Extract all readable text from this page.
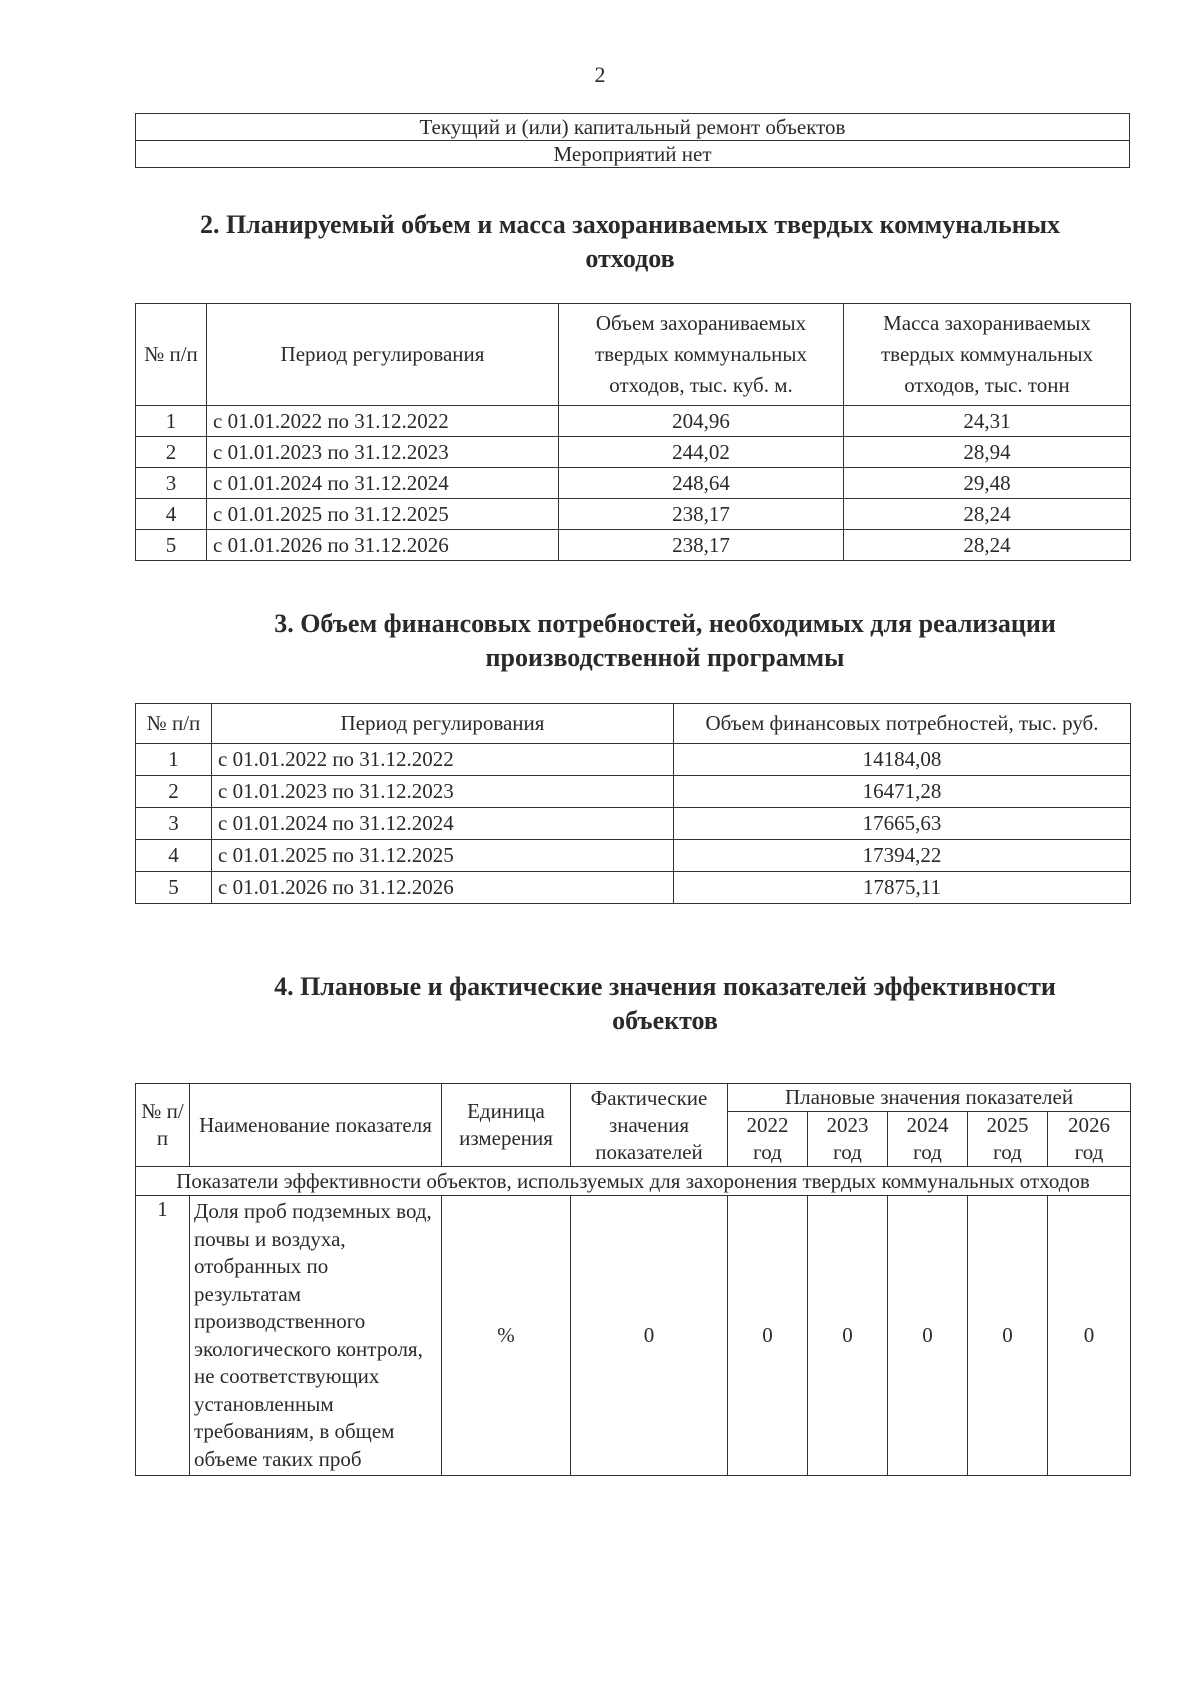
2
Текущий и (или) капитальный ремонт объектов
Мероприятий нет
2. Планируемый объем и масса захораниваемых твердых коммунальных
отходов
№ п/п	Период регулирования	Объем захораниваемых твердых коммунальных отходов, тыс. куб. м.	Масса захораниваемых твердых коммунальных отходов, тыс. тонн
1	с 01.01.2022 по 31.12.2022	204,96	24,31
2	с 01.01.2023 по 31.12.2023	244,02	28,94
3	с 01.01.2024 по 31.12.2024	248,64	29,48
4	с 01.01.2025 по 31.12.2025	238,17	28,24
5	с 01.01.2026 по 31.12.2026	238,17	28,24
3. Объем финансовых потребностей, необходимых для реализации
производственной программы
№ п/п	Период регулирования	Объем финансовых потребностей, тыс. руб.
1	с 01.01.2022 по 31.12.2022	14184,08
2	с 01.01.2023 по 31.12.2023	16471,28
3	с 01.01.2024 по 31.12.2024	17665,63
4	с 01.01.2025 по 31.12.2025	17394,22
5	с 01.01.2026 по 31.12.2026	17875,11
4. Плановые и фактические значения показателей эффективности
объектов
№ п/п	Наименование показателя	Единица измерения	Фактические значения показателей	Плановые значения показателей				
				2022 год	2023 год	2024 год	2025 год	2026 год
Показатели эффективности объектов, используемых для захоронения твердых коммунальных отходов								
1	Доля проб подземных вод, почвы и воздуха, отобранных по результатам производственного экологического контроля, не соответствующих установленным требованиям, в общем объеме таких проб	%	0	0	0	0	0	0
